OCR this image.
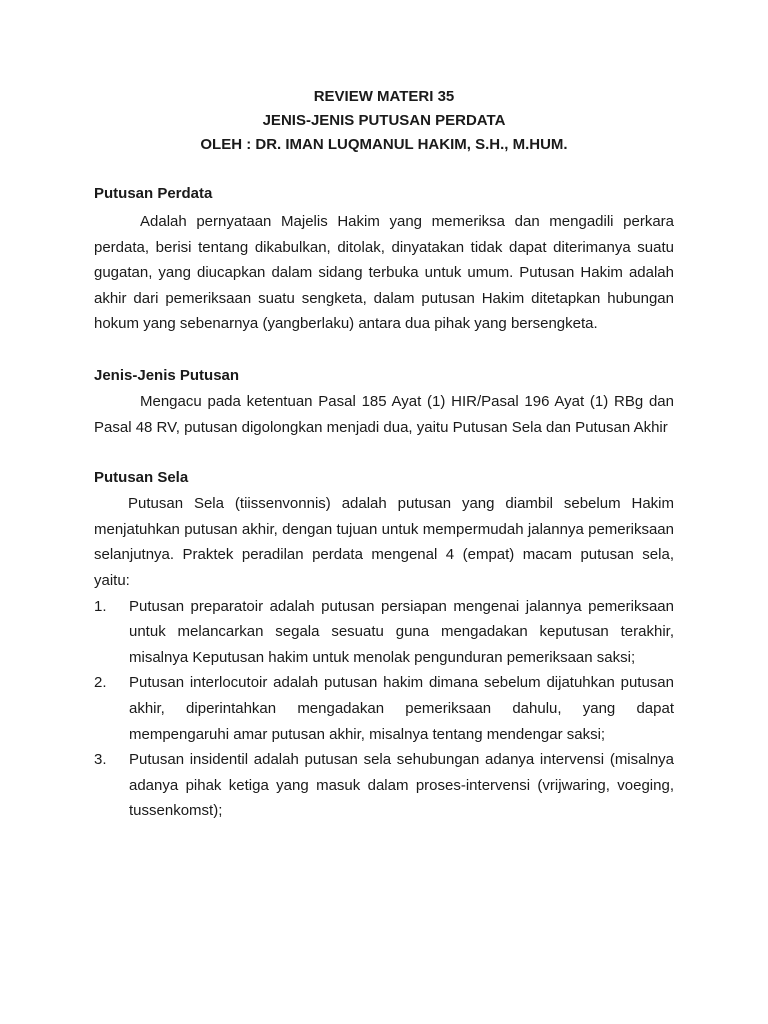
REVIEW MATERI 35
JENIS-JENIS PUTUSAN PERDATA
OLEH : DR. IMAN LUQMANUL HAKIM, S.H., M.HUM.
Putusan Perdata

Adalah pernyataan Majelis Hakim yang memeriksa dan mengadili perkara perdata, berisi tentang dikabulkan, ditolak, dinyatakan tidak dapat diterimanya suatu gugatan, yang diucapkan dalam sidang terbuka untuk umum. Putusan Hakim adalah akhir dari pemeriksaan suatu sengketa, dalam putusan Hakim ditetapkan hubungan hokum yang sebenarnya (yangberlaku) antara dua pihak yang bersengketa.

Jenis-Jenis Putusan

Mengacu pada ketentuan Pasal 185 Ayat (1) HIR/Pasal 196 Ayat (1) RBg dan Pasal 48 RV, putusan digolongkan menjadi dua, yaitu Putusan Sela dan Putusan Akhir

Putusan Sela

Putusan Sela (tiissenvonnis) adalah putusan yang diambil sebelum Hakim menjatuhkan putusan akhir, dengan tujuan untuk mempermudah jalannya pemeriksaan selanjutnya. Praktek peradilan perdata mengenal 4 (empat) macam putusan sela, yaitu:

1. Putusan preparatoir adalah putusan persiapan mengenai jalannya pemeriksaan untuk melancarkan segala sesuatu guna mengadakan keputusan terakhir, misalnya Keputusan hakim untuk menolak pengunduran pemeriksaan saksi;
2. Putusan interlocutoir adalah putusan hakim dimana sebelum dijatuhkan putusan akhir, diperintahkan mengadakan pemeriksaan dahulu, yang dapat mempengaruhi amar putusan akhir, misalnya tentang mendengar saksi;
3. Putusan insidentil adalah putusan sela sehubungan adanya intervensi (misalnya adanya pihak ketiga yang masuk dalam proses-intervensi (vrijwaring, voeging, tussenkomst);
